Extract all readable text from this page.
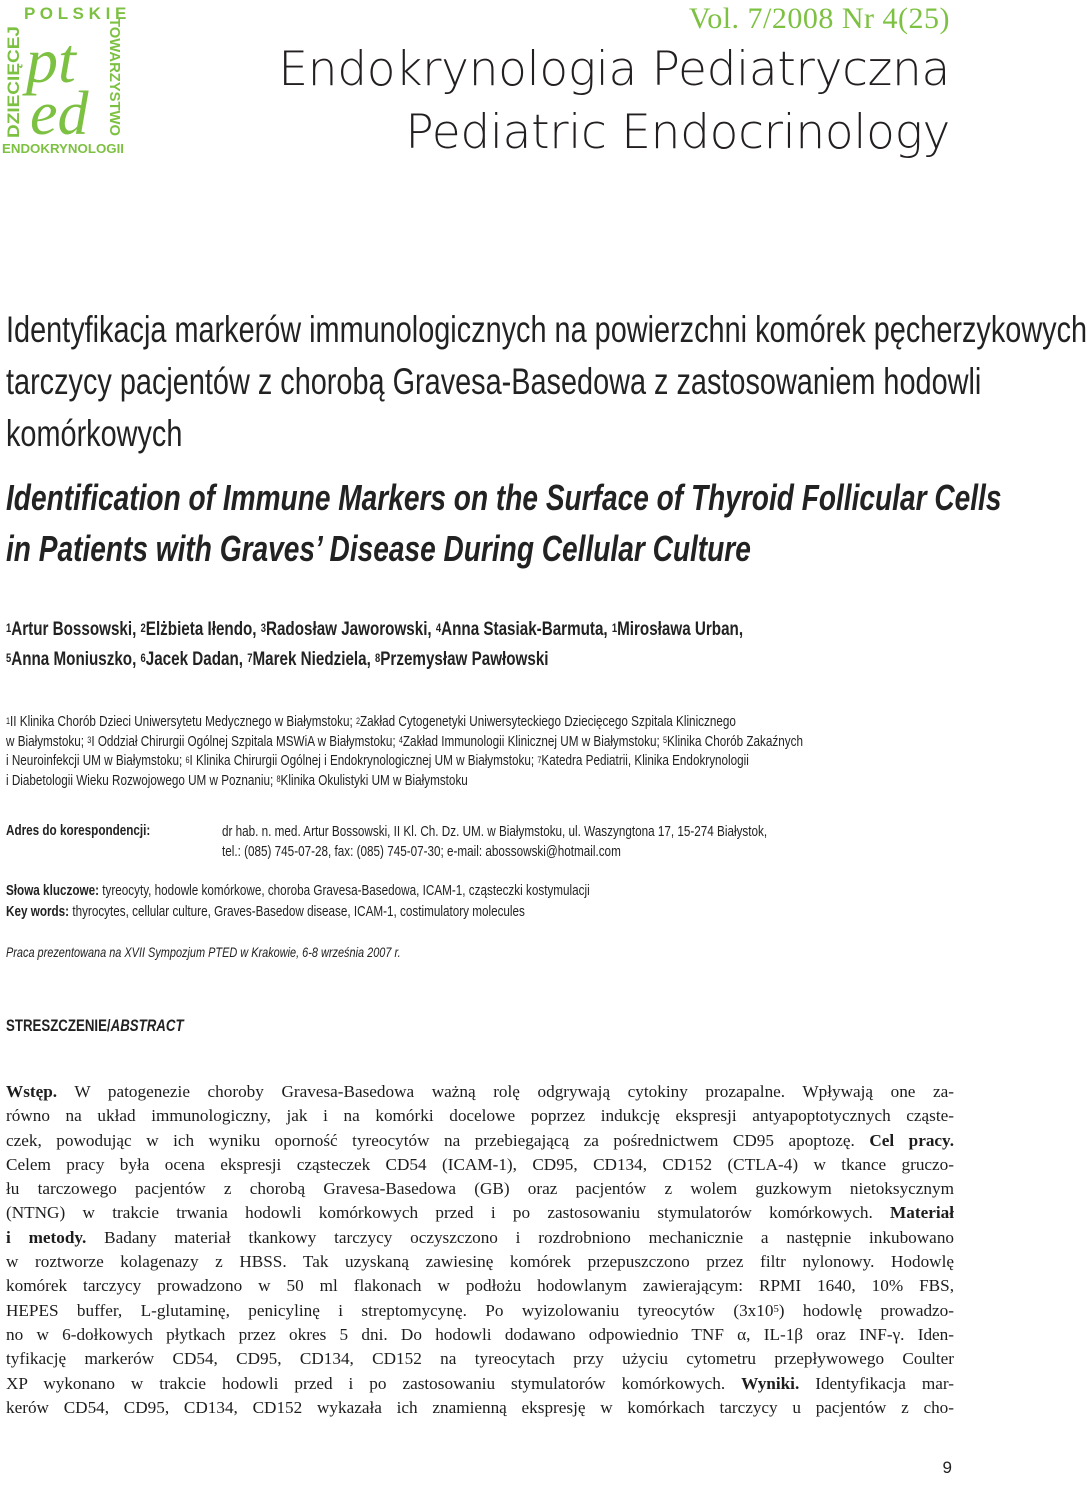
P O L S K I E
DZIECIĘCEJ	TOWARZYSTWO
pt
ed
ENDOKRYNOLOGII
Vol. 7/2008 Nr 4(25)
Endokrynologia Pediatryczna
Pediatric Endocrinology
Identyfikacja markerów immunologicznych na powierzchni komórek pęcherzykowych
tarczycy pacjentów z chorobą Gravesa-Basedowa z zastosowaniem hodowli
komórkowych
Identification of Immune Markers on the Surface of Thyroid Follicular Cells
in Patients with Graves’ Disease During Cellular Culture
$^1$Artur Bossowski, $^2$Elżbieta Iłendo, $^3$Radosław Jaworowski, $^4$Anna Stasiak-Barmuta, $^1$Mirosława Urban,
$^5$Anna Moniuszko, $^6$Jacek Dadan, $^7$Marek Niedziela, $^8$Przemysław Pawłowski
$^1$II Klinika Chorób Dzieci Uniwersytetu Medycznego w Białymstoku; $^2$Zakład Cytogenetyki Uniwersyteckiego Dziecięcego Szpitala Klinicznego
w Białymstoku; $^3$I Oddział Chirurgii Ogólnej Szpitala MSWiA w Białymstoku; $^4$Zakład Immunologii Klinicznej UM w Białymstoku; $^5$Klinika Chorób Zakaźnych
i Neuroinfekcji UM w Białymstoku; $^6$I Klinika Chirurgii Ogólnej i Endokrynologicznej UM w Białymstoku; $^7$Katedra Pediatrii, Klinika Endokrynologii
i Diabetologii Wieku Rozwojowego UM w Poznaniu; $^8$Klinika Okulistyki UM w Białymstoku
Adres do korespondencji:	dr hab. n. med. Artur Bossowski, II Kl. Ch. Dz. UM. w Białymstoku, ul. Waszyngtona 17, 15-274 Białystok,
tel.: (085) 745-07-28, fax: (085) 745-07-30; e-mail: abossowski@hotmail.com
Słowa kluczowe: tyreocyty, hodowle komórkowe, choroba Gravesa-Basedowa, ICAM-1, cząsteczki kostymulacji
Key words: thyrocytes, cellular culture, Graves-Basedow disease, ICAM-1, costimulatory molecules
Praca prezentowana na XVII Sympozjum PTED w Krakowie, 6-8 września 2007 r.
STRESZCZENIE/ABSTRACT
Wstęp. W patogenezie choroby Gravesa-Basedowa ważną rolę odgrywają cytokiny prozapalne. Wpływają one za-
równo na układ immunologiczny, jak i na komórki docelowe poprzez indukcję ekspresji antyapoptotycznych cząste-
czek, powodując w ich wyniku oporność tyreocytów na przebiegającą za pośrednictwem CD95 apoptozę. Cel pracy.
Celem pracy była ocena ekspresji cząsteczek CD54 (ICAM-1), CD95, CD134, CD152 (CTLA-4) w tkance gruczo-
łu tarczowego pacjentów z chorobą Gravesa-Basedowa (GB) oraz pacjentów z wolem guzkowym nietoksycznym
(NTNG) w trakcie trwania hodowli komórkowych przed i po zastosowaniu stymulatorów komórkowych. Materiał
i metody. Badany materiał tkankowy tarczycy oczyszczono i rozdrobniono mechanicznie a następnie inkubowano
w roztworze kolagenazy z HBSS. Tak uzyskaną zawiesinę komórek przepuszczono przez filtr nylonowy. Hodowlę
komórek tarczycy prowadzono w 50 ml flakonach w podłożu hodowlanym zawierającym: RPMI 1640, 10% FBS,
HEPES buffer, L-glutaminę, penicylinę i streptomycynę. Po wyizolowaniu tyreocytów $(3x10^5)$ hodowlę prowadzo-
no w 6-dołkowych płytkach przez okres 5 dni. Do hodowli dodawano odpowiednio TNF α, IL-1β oraz INF-γ. Iden-
tyfikację markerów CD54, CD95, CD134, CD152 na tyreocytach przy użyciu cytometru przepływowego Coulter
XP wykonano w trakcie hodowli przed i po zastosowaniu stymulatorów komórkowych. Wyniki. Identyfikacja mar-
kerów CD54, CD95, CD134, CD152 wykazała ich znamienną ekspresję w komórkach tarczycy u pacjentów z cho-
9
